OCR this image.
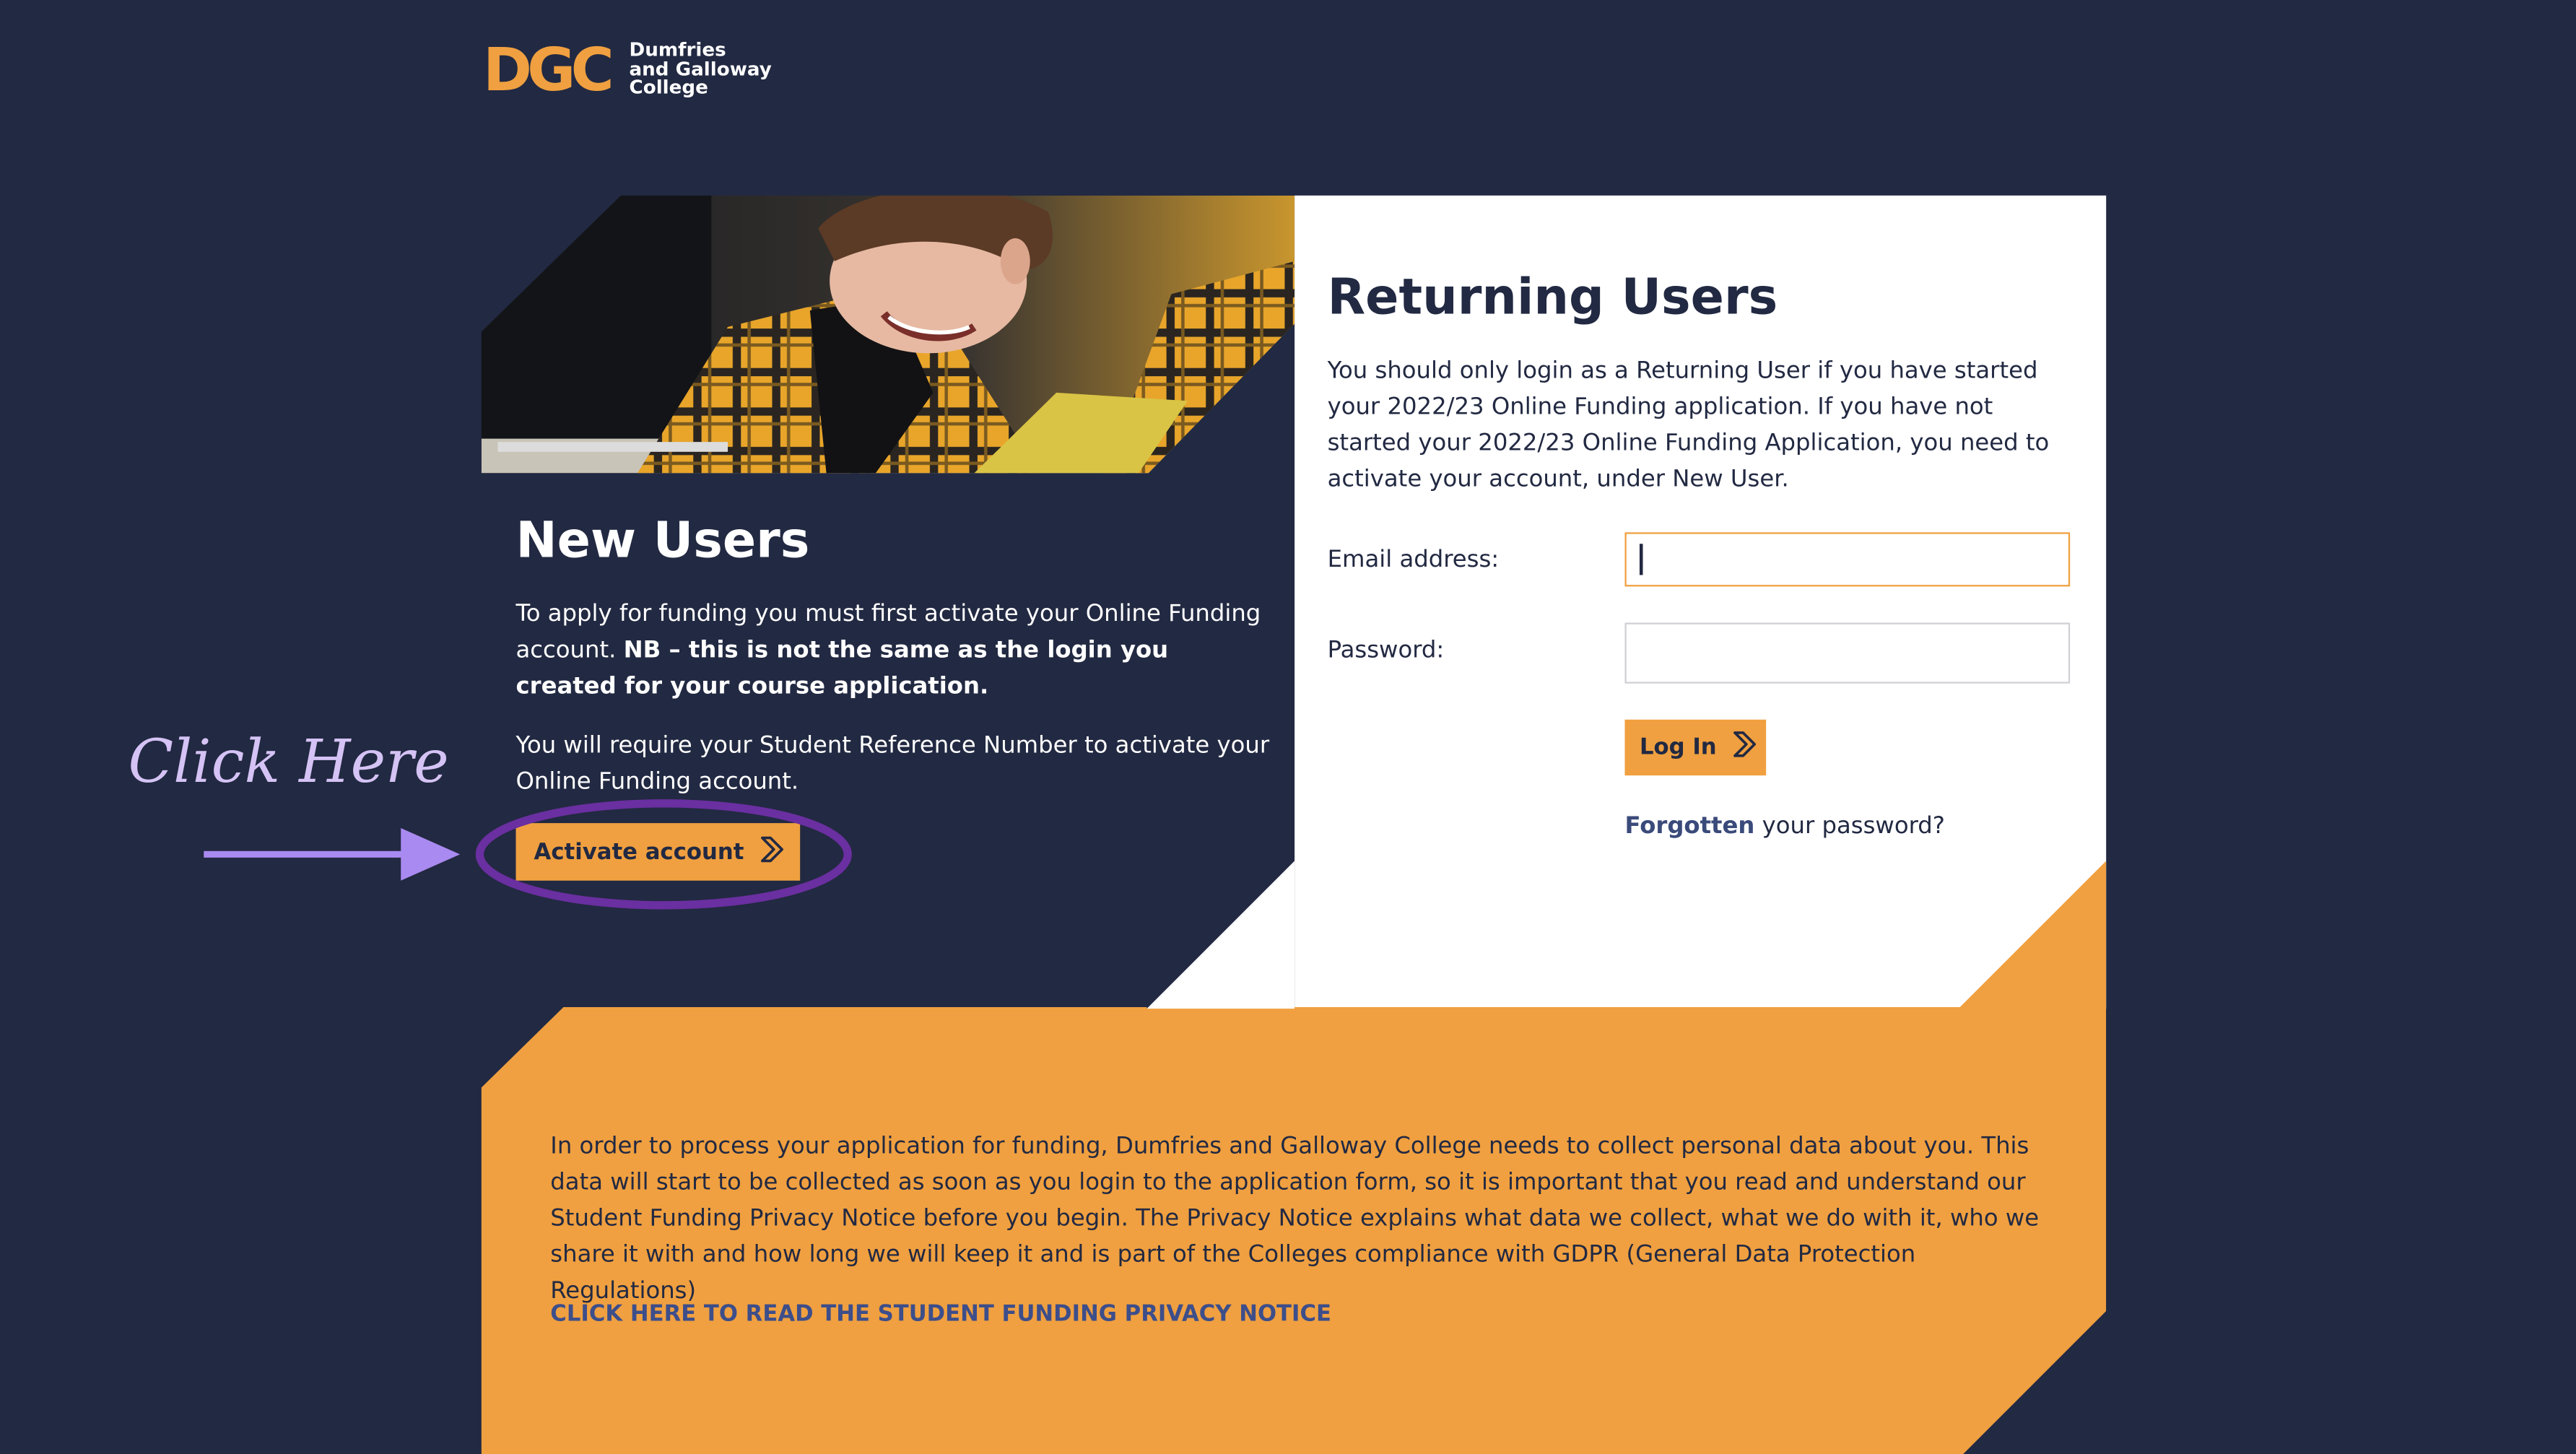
DGC Dumfries
and Galloway
College
New Users
To apply for funding you must first activate your Online Funding account. NB – this is not the same as the login you created for your course application.
You will require your Student Reference Number to activate your Online Funding account.
Activate account
Click Here
Returning Users
You should only login as a Returning User if you have started your 2022/23 Online Funding application. If you have not started your 2022/23 Online Funding Application, you need to activate your account, under New User.
Email address:
Password:
Log In
Forgotten your password?
In order to process your application for funding, Dumfries and Galloway College needs to collect personal data about you. This data will start to be collected as soon as you login to the application form, so it is important that you read and understand our Student Funding Privacy Notice before you begin. The Privacy Notice explains what data we collect, what we do with it, who we share it with and how long we will keep it and is part of the Colleges compliance with GDPR (General Data Protection Regulations)
CLICK HERE TO READ THE STUDENT FUNDING PRIVACY NOTICE
